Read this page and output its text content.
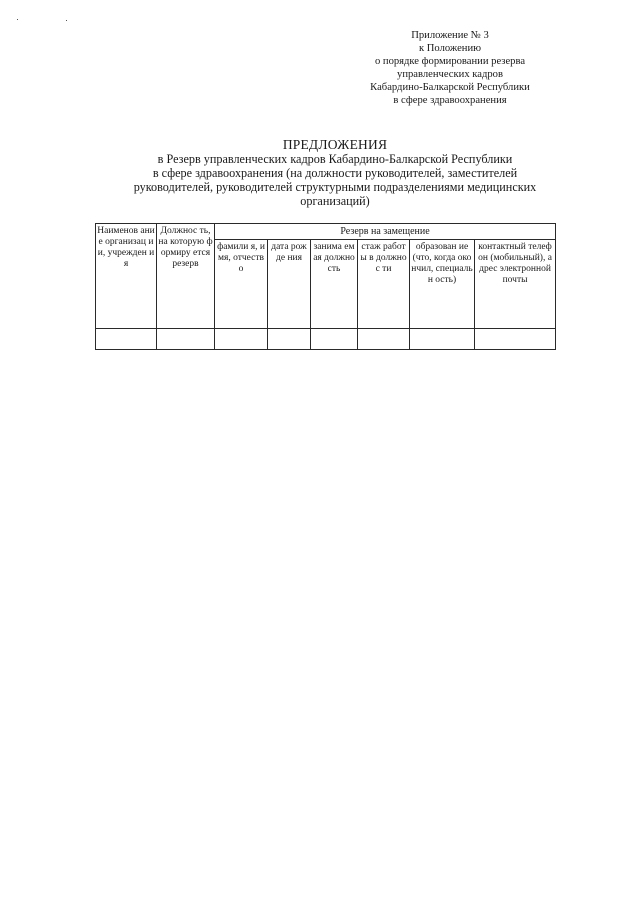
Приложение № 3
к Положению
о порядке формировании резерва
управленческих кадров
Кабардино-Балкарской Республики
в сфере здравоохранения
ПРЕДЛОЖЕНИЯ
в Резерв управленческих кадров Кабардино-Балкарской Республики
в сфере здравоохранения (на должности руководителей, заместителей
руководителей, руководителей структурными подразделениями медицинских
организаций)
Наименов ание организац ии, учрежден ия	Должнос ть, на которую формиру ется резерв	Резерв на замещение					
		фамили я, имя, отчеств о	дата рожде ния	занима емая должно сть	стаж работы в должнос ти	образован ие (что, когда окончил, специальн ость)	контактный телефон (мобильный), адрес электронной почты
